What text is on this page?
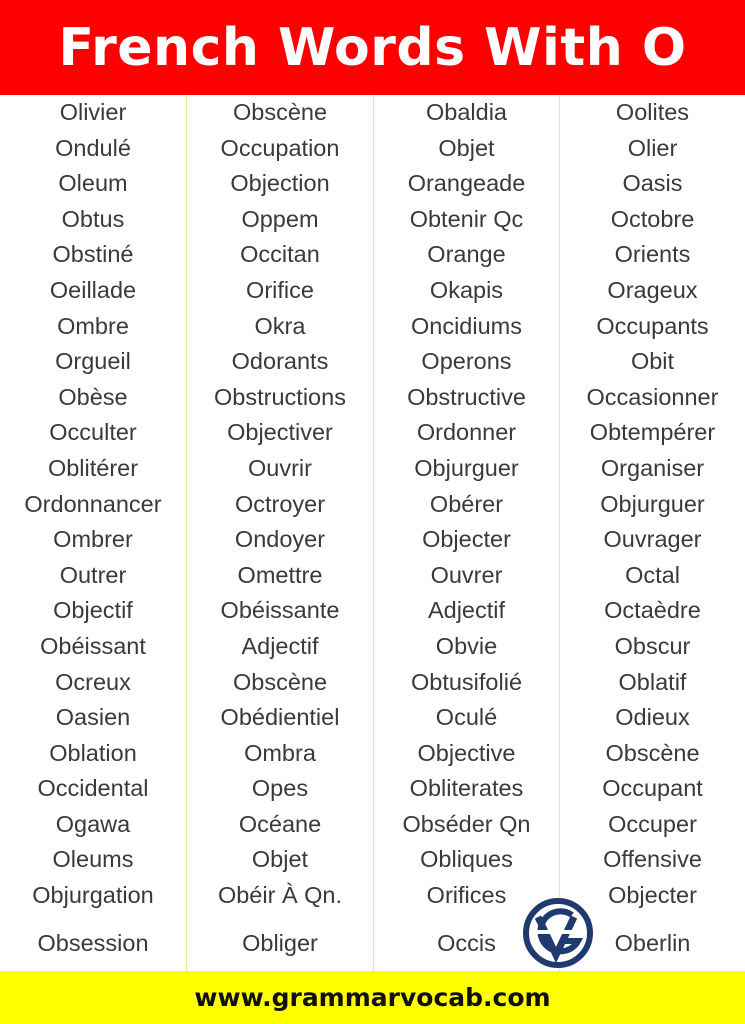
French Words With O
Olivier
Ondulé
Oleum
Obtus
Obstiné
Oeillade
Ombre
Orgueil
Obèse
Occulter
Oblitérer
Ordonnancer
Ombrer
Outrer
Objectif
Obéissant
Ocreux
Oasien
Oblation
Occidental
Ogawa
Oleums
Objurgation
Obsession
Obscène
Occupation
Objection
Oppem
Occitan
Orifice
Okra
Odorants
Obstructions
Objectiver
Ouvrir
Octroyer
Ondoyer
Omettre
Obéissante
Adjectif
Obscène
Obédientiel
Ombra
Opes
Océane
Objet
Obéir À Qn.
Obliger
Obaldia
Objet
Orangeade
Obtenir Qc
Orange
Okapis
Oncidiums
Operons
Obstructive
Ordonner
Objurguer
Obérer
Objecter
Ouvrer
Adjectif
Obvie
Obtusifolié
Oculé
Objective
Obliterates
Obséder Qn
Obliques
Orifices
Occis
Oolites
Olier
Oasis
Octobre
Orients
Orageux
Occupants
Obit
Occasionner
Obtempérer
Organiser
Objurguer
Ouvrager
Octal
Octaèdre
Obscur
Oblatif
Odieux
Obscène
Occupant
Occuper
Offensive
Objecter
Oberlin
www.grammarvocab.com
